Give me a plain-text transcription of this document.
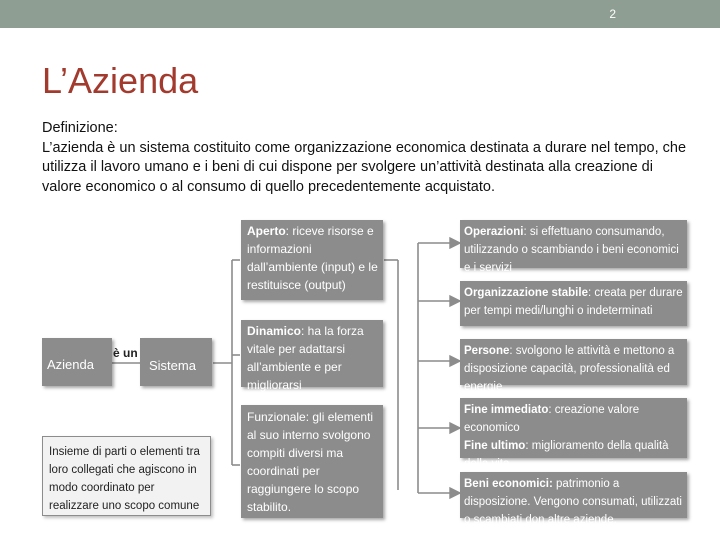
2
L’Azienda
Definizione:
L’azienda è un sistema costituito come organizzazione economica destinata a durare nel tempo, che utilizza il lavoro umano e i beni di cui dispone per svolgere un’attività destinata alla creazione di valore economico o al consumo di quello precedentemente acquistato.
Azienda
è un
Sistema
Insieme di parti o elementi tra loro collegati che agiscono in modo coordinato per realizzare uno scopo comune
Aperto: riceve risorse e informazioni dall’ambiente (input) e le restituisce (output)
Dinamico: ha la forza vitale per adattarsi all’ambiente e per migliorarsi
Funzionale: gli elementi al suo interno svolgono compiti diversi ma coordinati per raggiungere lo scopo stabilito.
Operazioni: si effettuano consumando, utilizzando o scambiando i beni economici e i servizi
Organizzazione stabile: creata per durare per tempi medi/lunghi o indeterminati
Persone: svolgono le attività e mettono a disposizione capacità, professionalità ed energie
Fine immediato: creazione valore economico
Fine ultimo: miglioramento della qualità della vita
Beni economici: patrimonio a disposizione. Vengono consumati, utilizzati o scambiati don altre aziende.
